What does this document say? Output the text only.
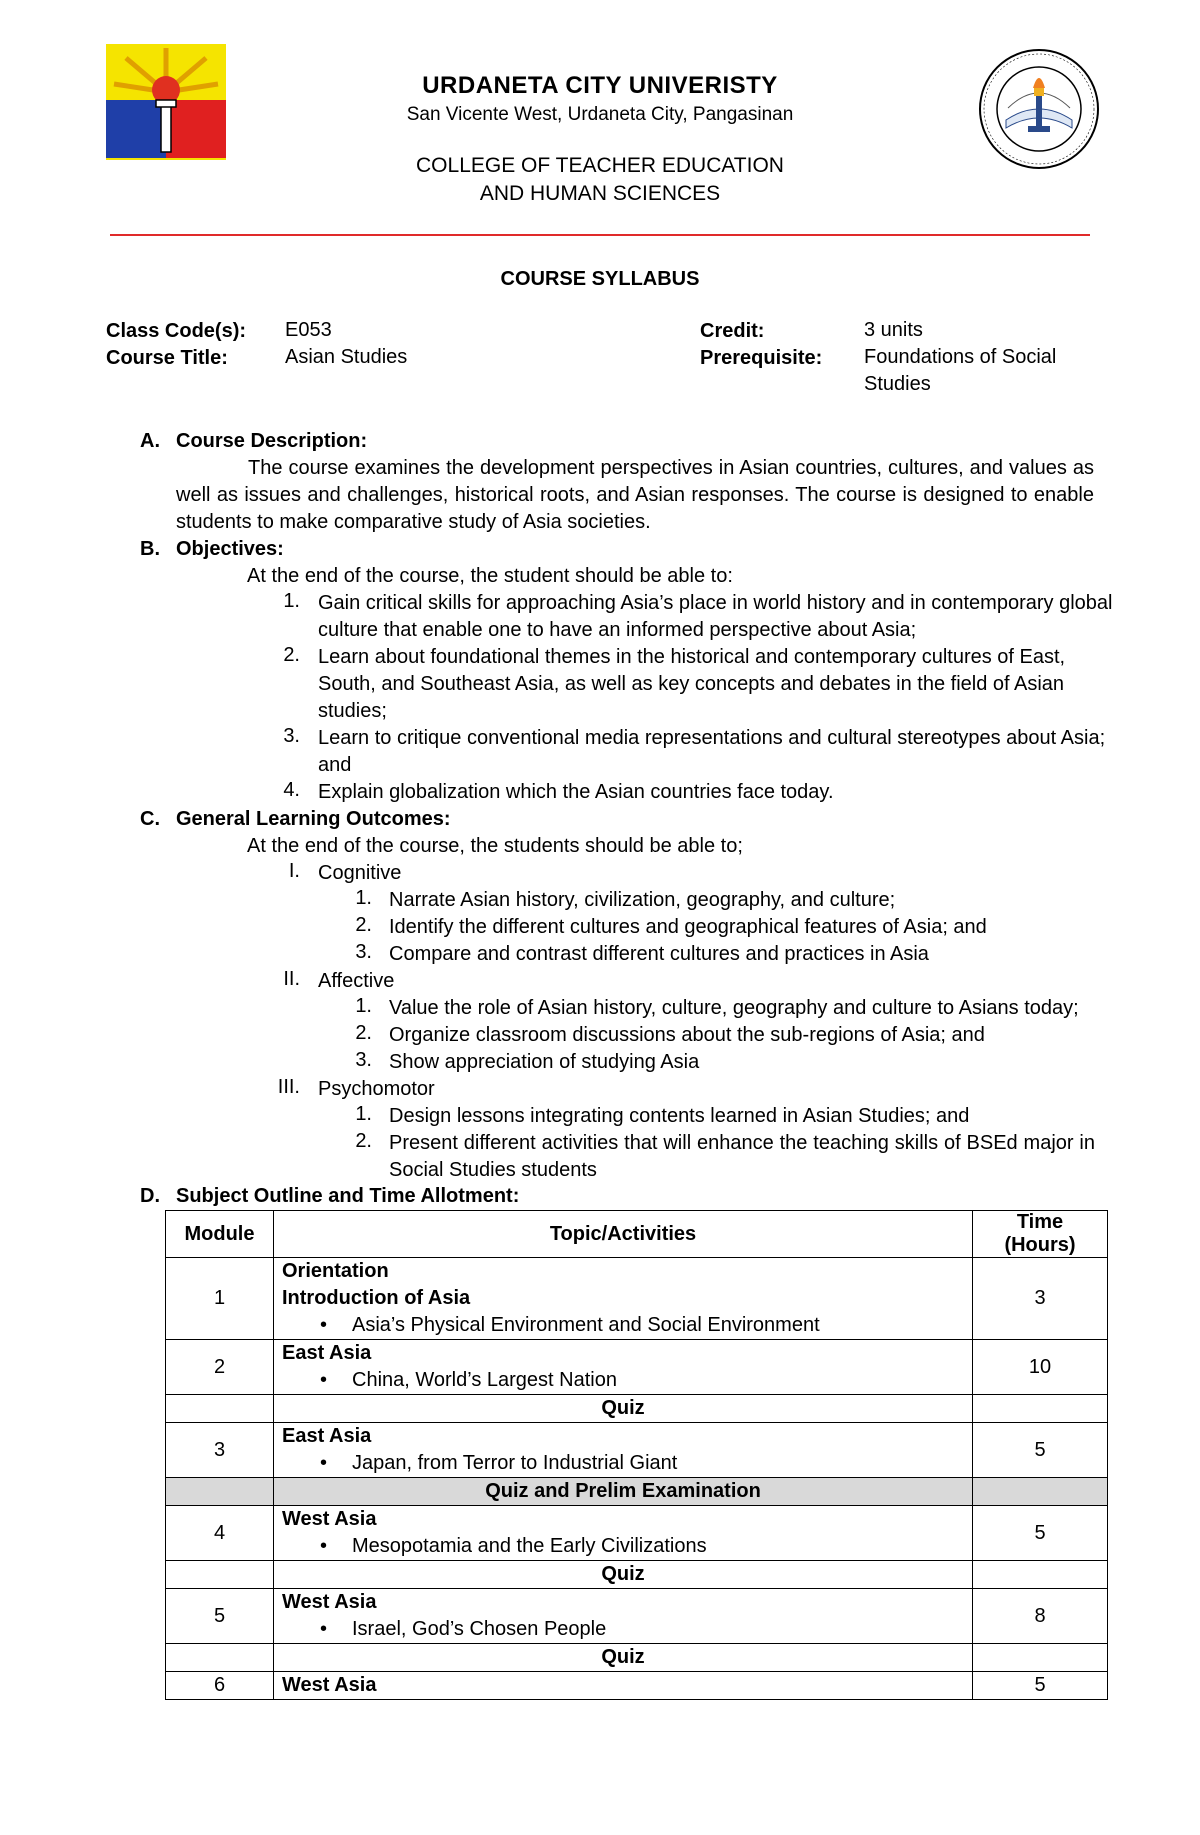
URDANETA CITY UNIVERISTY
San Vicente West, Urdaneta City, Pangasinan
COLLEGE OF TEACHER EDUCATION
AND HUMAN SCIENCES
COURSE SYLLABUS
Class Code(s): E053
Course Title:	Asian Studies
Credit:	3 units
Prerequisite: Foundations of Social
Studies
A. Course Description:
The course examines the development perspectives in Asian countries, cultures, and values as
well as issues and challenges, historical roots, and Asian responses. The course is designed to enable
students to make comparative study of Asia societies.
B. Objectives:
At the end of the course, the student should be able to:
1. Gain critical skills for approaching Asia’s place in world history and in contemporary global
culture that enable one to have an informed perspective about Asia;
2. Learn about foundational themes in the historical and contemporary cultures of East,
South, and Southeast Asia, as well as key concepts and debates in the field of Asian
studies;
3. Learn to critique conventional media representations and cultural stereotypes about Asia;
and
4. Explain globalization which the Asian countries face today.
C. General Learning Outcomes:
At the end of the course, the students should be able to;
I. Cognitive
1. Narrate Asian history, civilization, geography, and culture;
2. Identify the different cultures and geographical features of Asia; and
3. Compare and contrast different cultures and practices in Asia
II. Affective
1. Value the role of Asian history, culture, geography and culture to Asians today;
2. Organize classroom discussions about the sub-regions of Asia; and
3. Show appreciation of studying Asia
III. Psychomotor
1. Design lessons integrating contents learned in Asian Studies; and
2. Present different activities that will enhance the teaching skills of BSEd major in
Social Studies students
D. Subject Outline and Time Allotment:
Module	Topic/Activities	Time (Hours)
1	Orientation
Introduction of Asia
• Asia’s Physical Environment and Social Environment	3
2	East Asia
• China, World’s Largest Nation	10
	Quiz	
3	East Asia
• Japan, from Terror to Industrial Giant	5
	Quiz and Prelim Examination	
4	West Asia
• Mesopotamia and the Early Civilizations	5
	Quiz	
5	West Asia
• Israel, God’s Chosen People	8
	Quiz	
6	West Asia	5
